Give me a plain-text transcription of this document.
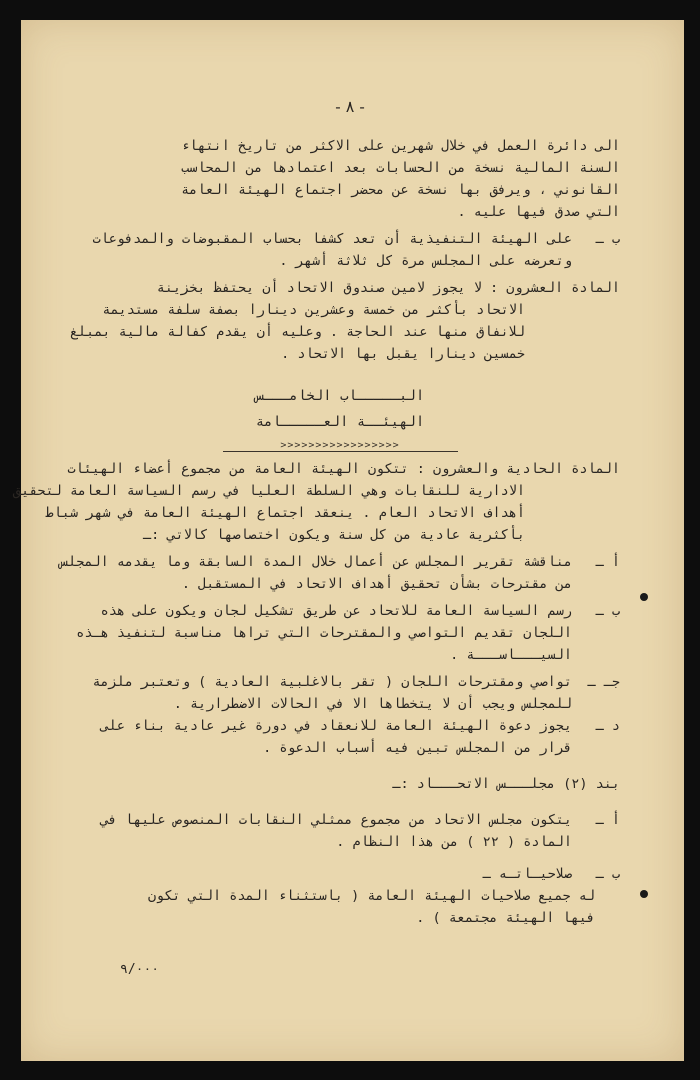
- ٨ -
الى دائرة العمل في خلال شهرين على الاكثر من تاريخ انتهاء
السنة المالية نسخة من الحسابات بعد اعتمادها من المحاسب
القانوني ، ويرفق بها نسخة عن محضر اجتماع الهيئة العامة
التي صدق فيها عليه .
ب ـ
على الهيئة التنفيذية أن تعد كشفا بحساب المقبوضات والمدفوعات
وتعرضه على المجلس مرة كل ثلاثة أشهر .
المادة العشرون : لا يجوز لامين صندوق الاتحاد أن يحتفظ بخزينة
الاتحاد بأكثر من خمسة وعشرين دينارا بصفة سلفة مستديمة
للانفاق منها عند الحاجة . وعليه أن يقدم كفالة مالية بمبلغ
خمسين دينارا يقبل بها الاتحاد .
البـــــاب الخامـــس
الهيئــة العـــــامة
<<<<<<<<<<<<<<<<<
المادة الحادية والعشرون : تتكون الهيئة العامة من مجموع أعضاء الهيئات
الادارية للنقابات وهي السلطة العليا في رسم السياسة العامة لتحقيق
أهداف الاتحاد العام . ينعقد اجتماع الهيئة العامة في شهر شباط
بأكثرية عادية من كل سنة ويكون اختصاصها كالاتي :ـ
أ ـ
مناقشة تقرير المجلس عن أعمال خلال المدة السابقة وما يقدمه المجلس
من مقترحات بشأن تحقيق أهداف الاتحاد في المستقبل .
ب ـ
رسم السياسة العامة للاتحاد عن طريق تشكيل لجان ويكون على هذه
اللجان تقديم التواصي والمقترحات التي تراها مناسبة لتنفيذ هـذه
السيـــاســـة .
جـ ـ
تواصي ومقترحات اللجان ( تقر بالاغلبية العادية ) وتعتبر ملزمة
للمجلس ويجب أن لا يتخطاها الا في الحالات الاضطرارية .
د ـ
يجوز دعوة الهيئة العامة للانعقاد في دورة غير عادية بناء على
قرار من المجلس تبين فيه أسباب الدعوة .
بند (٢) مجلـــس الاتحـــاد :ـ
أ ـ
يتكون مجلس الاتحاد من مجموع ممثلي النقابات المنصوص عليها في
المادة ( ٢٢ ) من هذا النظام .
ب ـ
صلاحيـاتـه ـ
له جميع صلاحيات الهيئة العامة ( باستثناء المدة التي تكون
فيها الهيئة مجتمعة ) .
٩/٠٠٠
